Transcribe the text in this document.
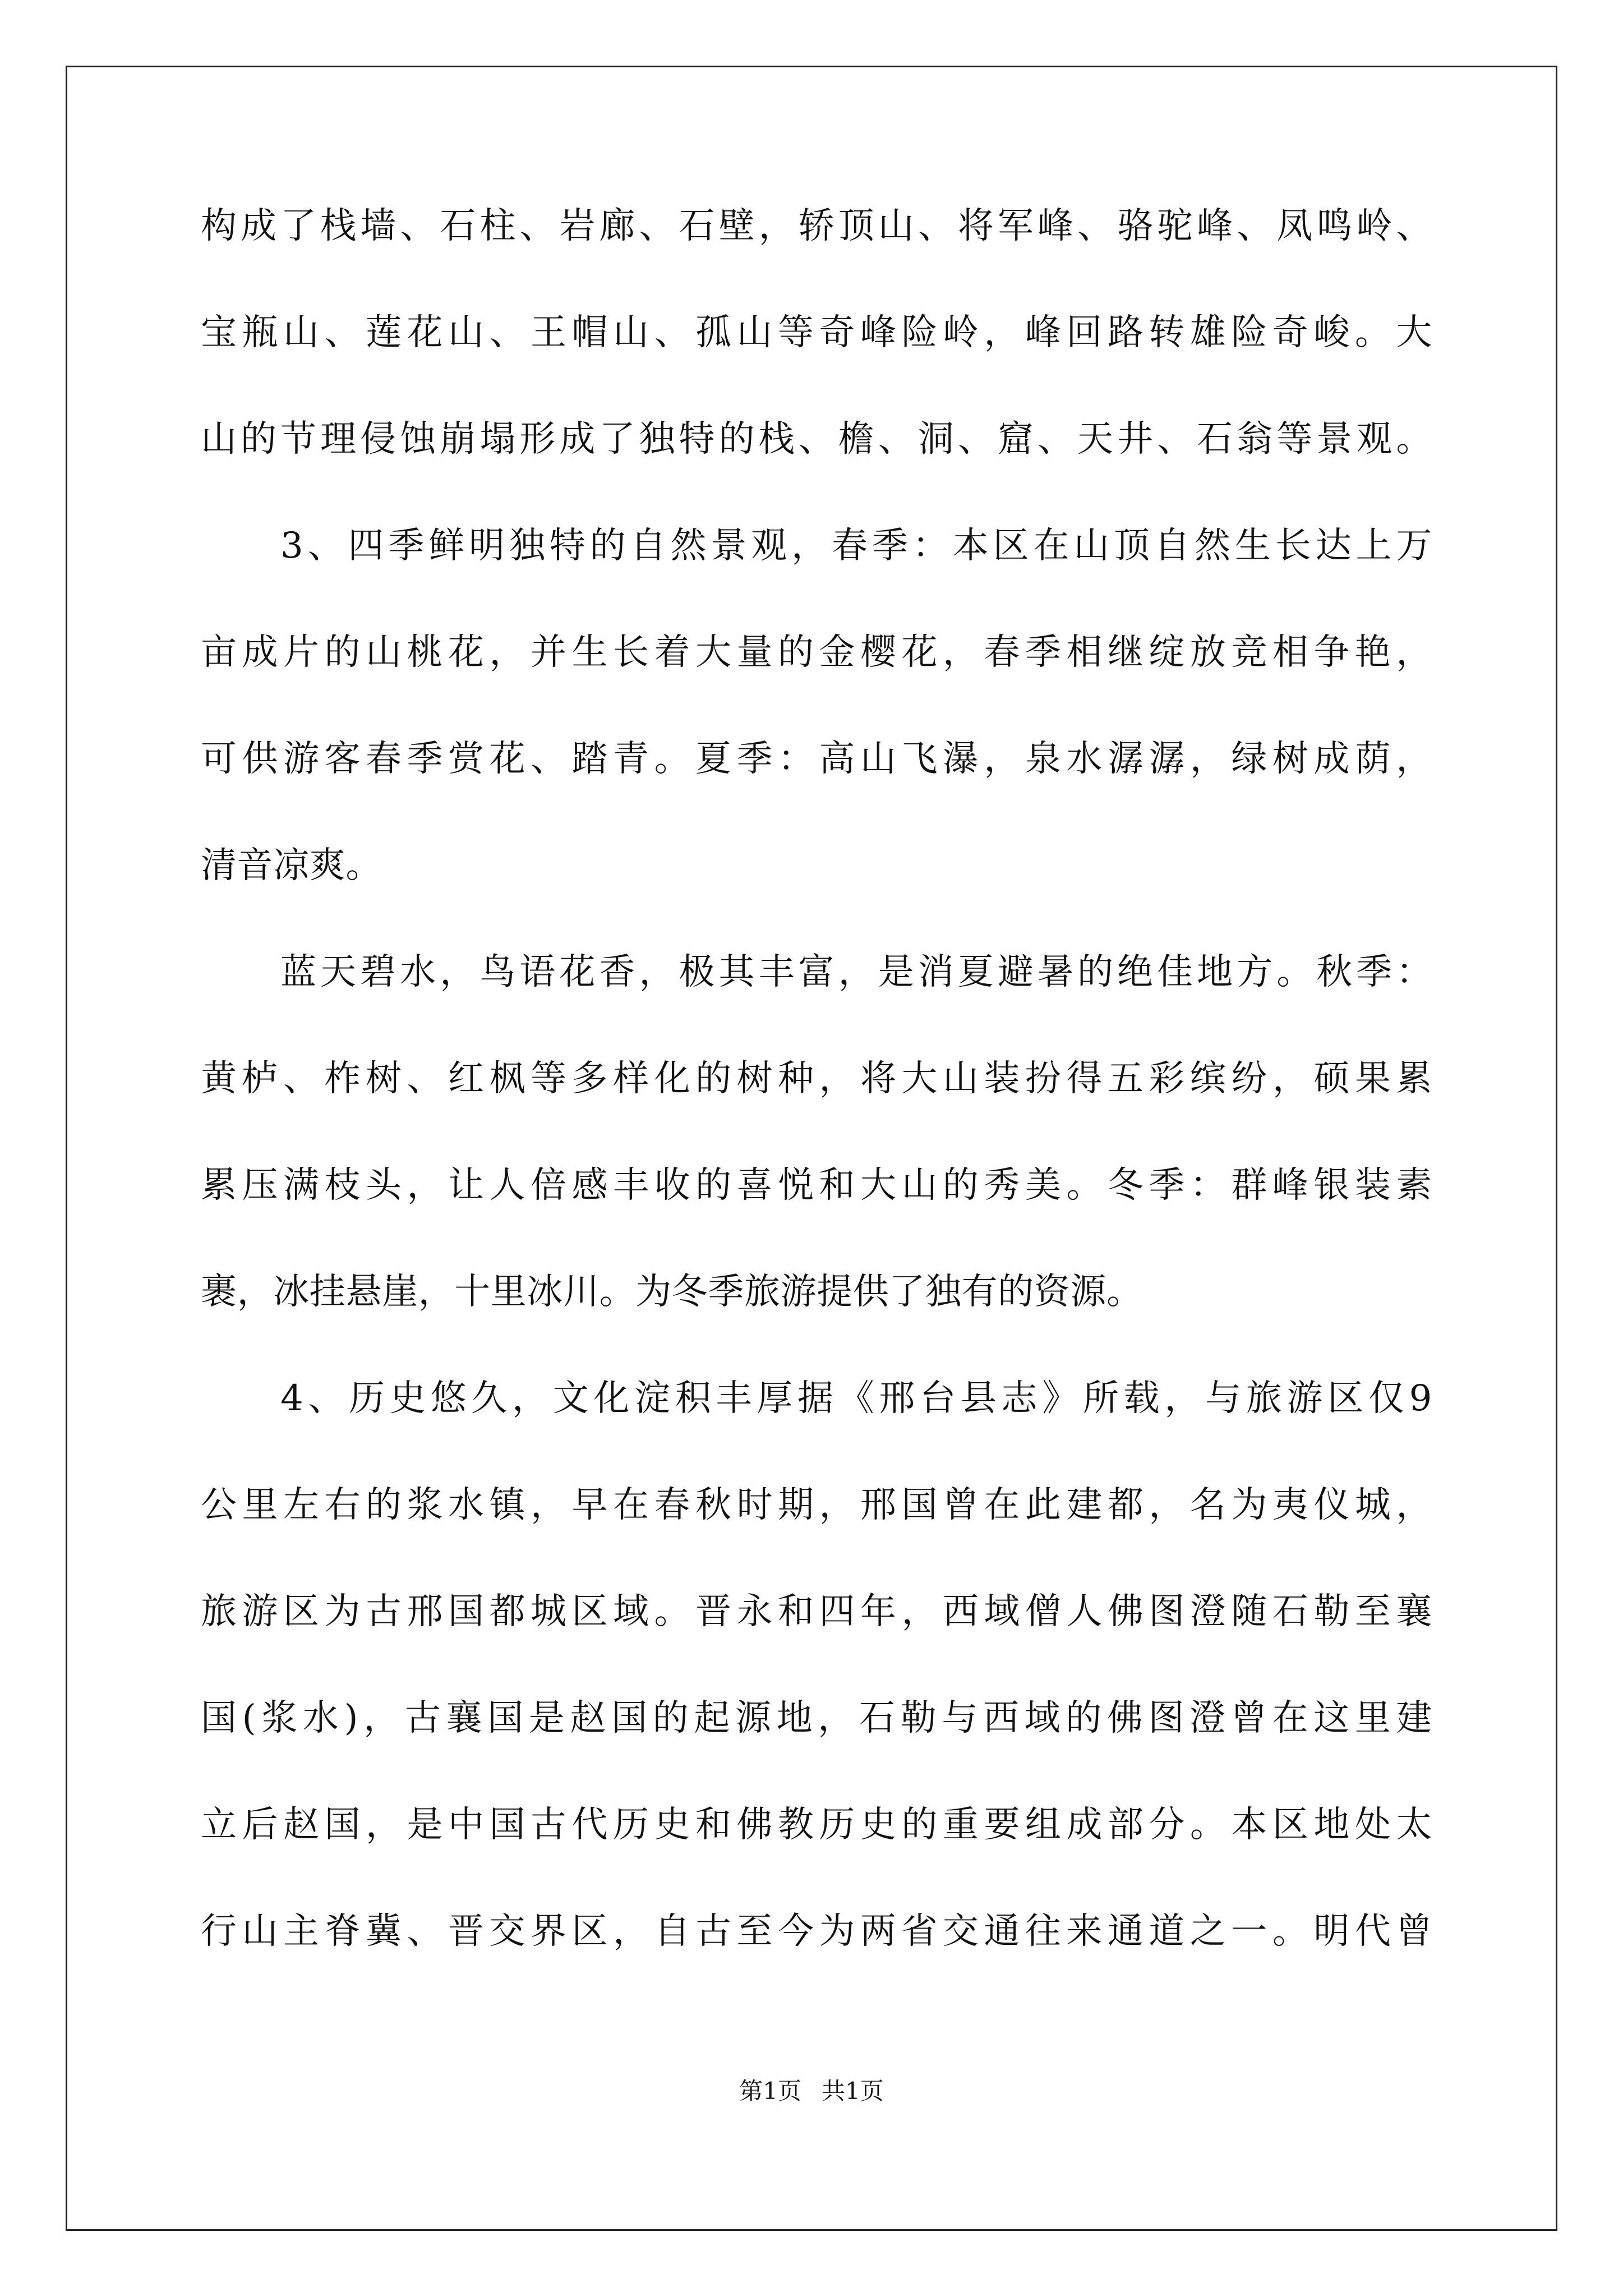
构成了栈墙、石柱、岩廊、石壁，轿顶山、将军峰、骆驼峰、凤鸣岭、

宝瓶山、莲花山、王帽山、孤山等奇峰险岭，峰回路转雄险奇峻。大

山的节理侵蚀崩塌形成了独特的栈、檐、洞、窟、天井、石翁等景观。

3、四季鲜明独特的自然景观，春季：本区在山顶自然生长达上万

亩成片的山桃花，并生长着大量的金樱花，春季相继绽放竞相争艳，

可供游客春季赏花、踏青。夏季：高山飞瀑，泉水潺潺，绿树成荫，

清音凉爽。

蓝天碧水，鸟语花香，极其丰富，是消夏避暑的绝佳地方。秋季：

黄栌、柞树、红枫等多样化的树种，将大山装扮得五彩缤纷，硕果累

累压满枝头，让人倍感丰收的喜悦和大山的秀美。冬季：群峰银装素

裹，冰挂悬崖，十里冰川。为冬季旅游提供了独有的资源。

4、历史悠久，文化淀积丰厚据《邢台县志》所载，与旅游区仅9

公里左右的浆水镇，早在春秋时期，邢国曾在此建都，名为夷仪城，

旅游区为古邢国都城区域。晋永和四年，西域僧人佛图澄随石勒至襄

国(浆水)，古襄国是赵国的起源地，石勒与西域的佛图澄曾在这里建

立后赵国，是中国古代历史和佛教历史的重要组成部分。本区地处太

行山主脊冀、晋交界区，自古至今为两省交通往来通道之一。明代曾

第1页 共1页
